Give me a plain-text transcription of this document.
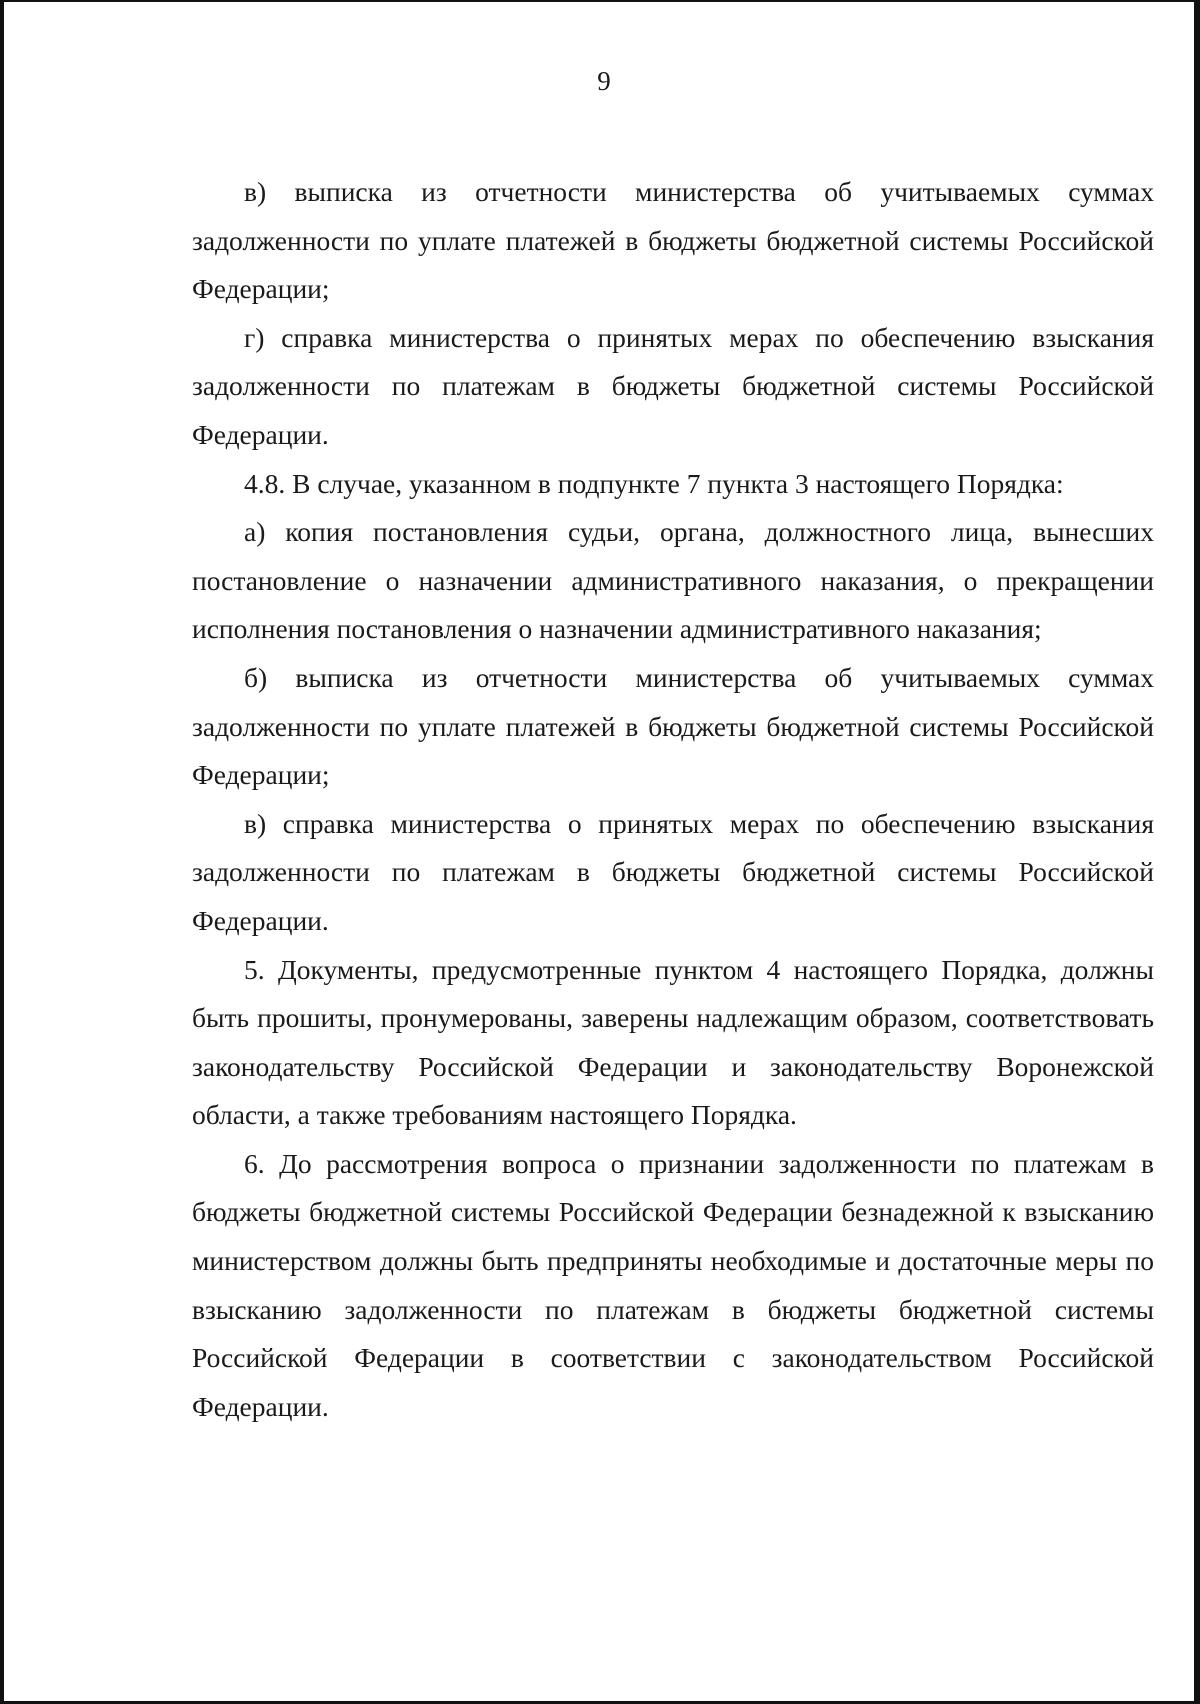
9

в) выписка из отчетности министерства об учитываемых суммах задолженности по уплате платежей в бюджеты бюджетной системы Российской Федерации;

г) справка министерства о принятых мерах по обеспечению взыскания задолженности по платежам в бюджеты бюджетной системы Российской Федерации.

4.8. В случае, указанном в подпункте 7 пункта 3 настоящего Порядка:

а) копия постановления судьи, органа, должностного лица, вынесших постановление о назначении административного наказания, о прекращении исполнения постановления о назначении административного наказания;

б) выписка из отчетности министерства об учитываемых суммах задолженности по уплате платежей в бюджеты бюджетной системы Российской Федерации;

в) справка министерства о принятых мерах по обеспечению взыскания задолженности по платежам в бюджеты бюджетной системы Российской Федерации.

5. Документы, предусмотренные пунктом 4 настоящего Порядка, должны быть прошиты, пронумерованы, заверены надлежащим образом, соответствовать законодательству Российской Федерации и законодательству Воронежской области, а также требованиям настоящего Порядка.

6. До рассмотрения вопроса о признании задолженности по платежам в бюджеты бюджетной системы Российской Федерации безнадежной к взысканию министерством должны быть предприняты необходимые и достаточные меры по взысканию задолженности по платежам в бюджеты бюджетной системы Российской Федерации в соответствии с законодательством Российской Федерации.
